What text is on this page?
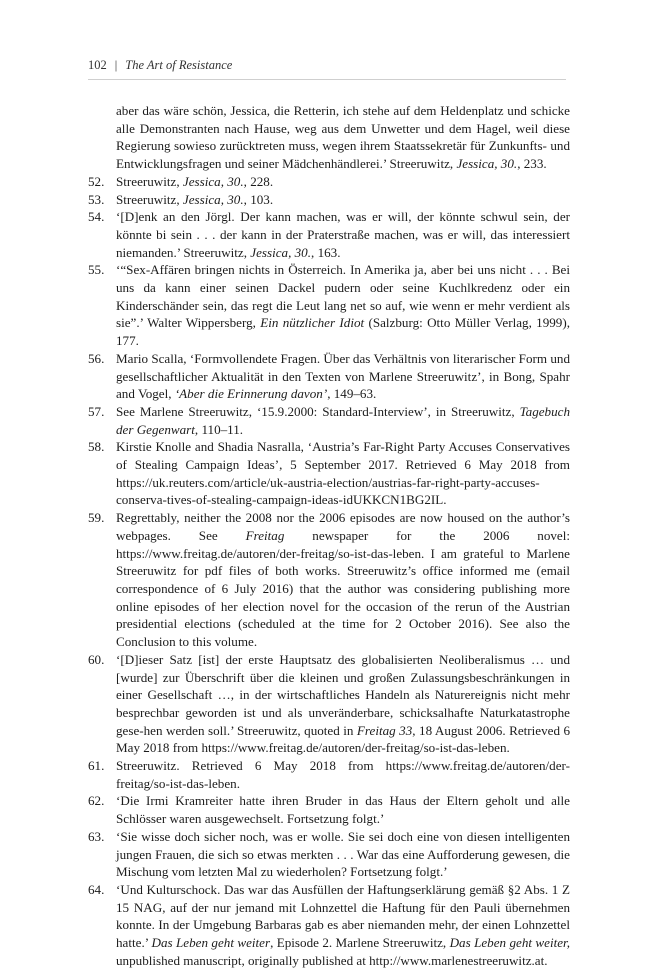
102 | The Art of Resistance
aber das wäre schön, Jessica, die Retterin, ich stehe auf dem Heldenplatz und schicke alle Demonstranten nach Hause, weg aus dem Unwetter und dem Hagel, weil diese Regierung sowieso zurücktreten muss, wegen ihrem Staatssekretär für Zunkunfts- und Entwicklungsfragen und seiner Mädchenhändlerei.’ Streeruwitz, Jessica, 30., 233.
52. Streeruwitz, Jessica, 30., 228.
53. Streeruwitz, Jessica, 30., 103.
54. ‘[D]enk an den Jörgl. Der kann machen, was er will, der könnte schwul sein, der könnte bi sein . . . der kann in der Praterstraße machen, was er will, das interessiert niemanden.’ Streeruwitz, Jessica, 30., 163.
55. ‘“Sex-Affären bringen nichts in Österreich. In Amerika ja, aber bei uns nicht . . . Bei uns da kann einer seinen Dackel pudern oder seine Kuchlkredenz oder ein Kinderschänder sein, das regt die Leut lang net so auf, wie wenn er mehr verdient als sie”.’ Walter Wippersberg, Ein nützlicher Idiot (Salzburg: Otto Müller Verlag, 1999), 177.
56. Mario Scalla, ‘Formvollendete Fragen. Über das Verhältnis von literarischer Form und gesellschaftlicher Aktualität in den Texten von Marlene Streeruwitz’, in Bong, Spahr and Vogel, ‘Aber die Erinnerung davon’, 149–63.
57. See Marlene Streeruwitz, ‘15.9.2000: Standard-Interview’, in Streeruwitz, Tagebuch der Gegenwart, 110–11.
58. Kirstie Knolle and Shadia Nasralla, ‘Austria’s Far-Right Party Accuses Conservatives of Stealing Campaign Ideas’, 5 September 2017. Retrieved 6 May 2018 from https://uk.reuters.com/article/uk-austria-election/austrias-far-right-party-accuses-conserva-tives-of-stealing-campaign-ideas-idUKKCN1BG2IL.
59. Regrettably, neither the 2008 nor the 2006 episodes are now housed on the author’s webpages. See Freitag newspaper for the 2006 novel: https://www.freitag.de/autoren/der-freitag/so-ist-das-leben. I am grateful to Marlene Streeruwitz for pdf files of both works. Streeruwitz’s office informed me (email correspondence of 6 July 2016) that the author was considering publishing more online episodes of her election novel for the occasion of the rerun of the Austrian presidential elections (scheduled at the time for 2 October 2016). See also the Conclusion to this volume.
60. ‘[D]ieser Satz [ist] der erste Hauptsatz des globalisierten Neoliberalismus … und [wurde] zur Überschrift über die kleinen und großen Zulassungsbeschränkungen in einer Gesellschaft …, in der wirtschaftliches Handeln als Naturereignis nicht mehr besprechbar geworden ist und als unveränderbare, schicksalhafte Naturkatastrophe gese-hen werden soll.’ Streeruwitz, quoted in Freitag 33, 18 August 2006. Retrieved 6 May 2018 from https://www.freitag.de/autoren/der-freitag/so-ist-das-leben.
61. Streeruwitz. Retrieved 6 May 2018 from https://www.freitag.de/autoren/der-freitag/so-ist-das-leben.
62. ‘Die Irmi Kramreiter hatte ihren Bruder in das Haus der Eltern geholt und alle Schlösser waren ausgewechselt. Fortsetzung folgt.’
63. ‘Sie wisse doch sicher noch, was er wolle. Sie sei doch eine von diesen intelligenten jungen Frauen, die sich so etwas merkten . . . War das eine Aufforderung gewesen, die Mischung vom letzten Mal zu wiederholen? Fortsetzung folgt.’
64. ‘Und Kulturschock. Das war das Ausfüllen der Haftungserklärung gemäß §2 Abs. 1 Z 15 NAG, auf der nur jemand mit Lohnzettel die Haftung für den Pauli übernehmen konnte. In der Umgebung Barbaras gab es aber niemanden mehr, der einen Lohnzettel hatte.’ Das Leben geht weiter, Episode 2. Marlene Streeruwitz, Das Leben geht weiter, unpublished manuscript, originally published at http://www.marlenestreeruwitz.at.
